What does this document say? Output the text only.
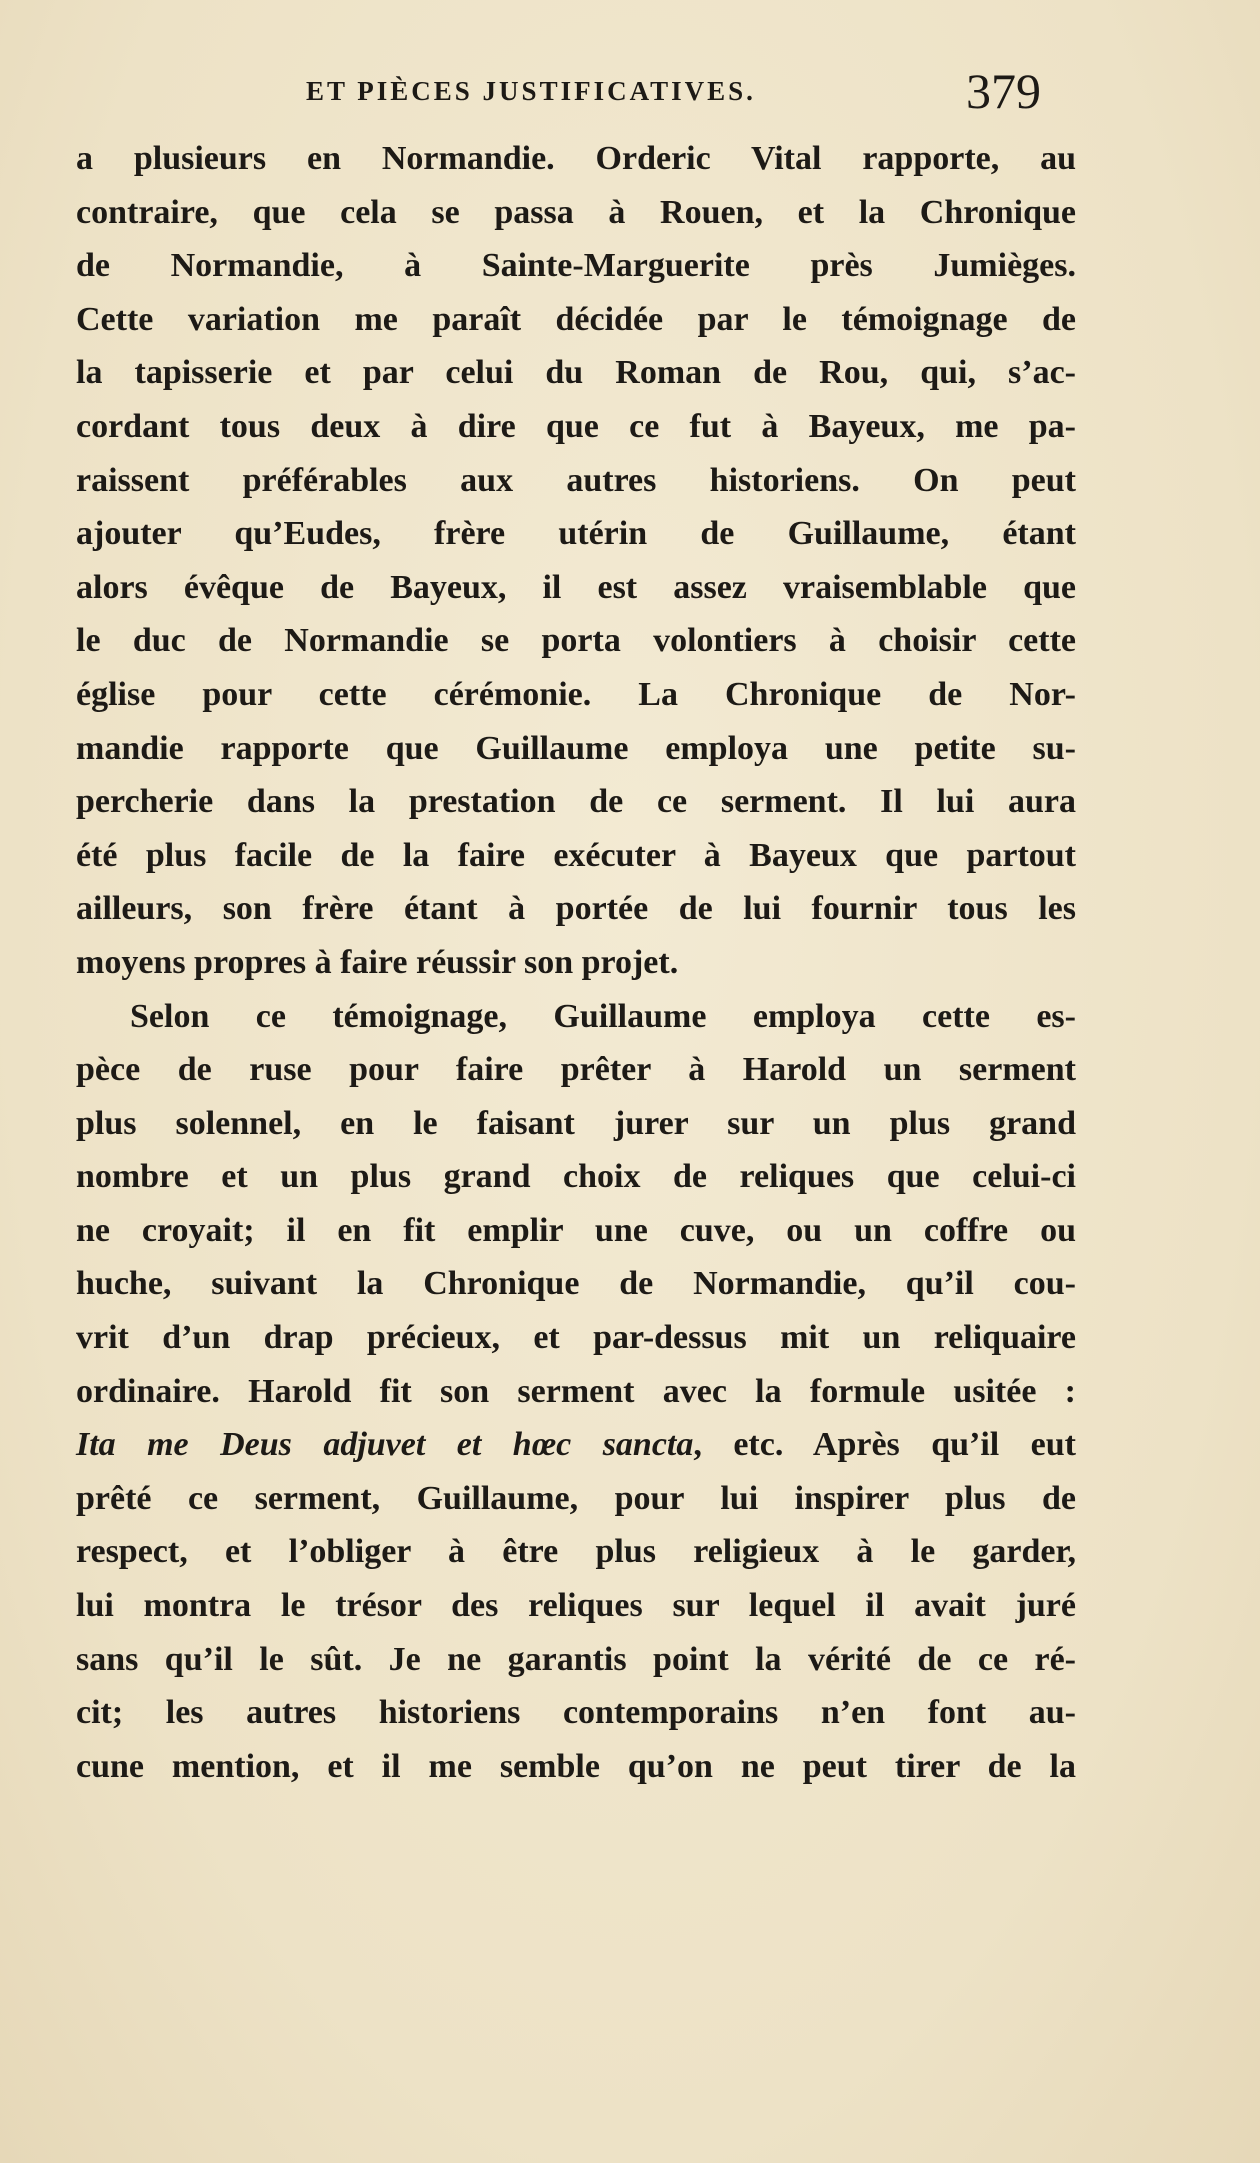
ET PIÈCES JUSTIFICATIVES.	379
a plusieurs en Normandie. Orderic Vital rapporte, au
contraire, que cela se passa à Rouen, et la Chronique
de Normandie, à Sainte-Marguerite près Jumièges.
Cette variation me paraît décidée par le témoignage de
la tapisserie et par celui du Roman de Rou, qui, s’ac-
cordant tous deux à dire que ce fut à Bayeux, me pa-
raissent préférables aux autres historiens. On peut
ajouter qu’Eudes, frère utérin de Guillaume, étant
alors évêque de Bayeux, il est assez vraisemblable que
le duc de Normandie se porta volontiers à choisir cette
église pour cette cérémonie. La Chronique de Nor-
mandie rapporte que Guillaume employa une petite su-
percherie dans la prestation de ce serment. Il lui aura
été plus facile de la faire exécuter à Bayeux que partout
ailleurs, son frère étant à portée de lui fournir tous les
moyens propres à faire réussir son projet.
Selon ce témoignage, Guillaume employa cette es-
pèce de ruse pour faire prêter à Harold un serment
plus solennel, en le faisant jurer sur un plus grand
nombre et un plus grand choix de reliques que celui-ci
ne croyait; il en fit emplir une cuve, ou un coffre ou
huche, suivant la Chronique de Normandie, qu’il cou-
vrit d’un drap précieux, et par-dessus mit un reliquaire
ordinaire. Harold fit son serment avec la formule usitée :
Ita me Deus adjuvet et hœc sancta, etc. Après qu’il eut
prêté ce serment, Guillaume, pour lui inspirer plus de
respect, et l’obliger à être plus religieux à le garder,
lui montra le trésor des reliques sur lequel il avait juré
sans qu’il le sût. Je ne garantis point la vérité de ce ré-
cit; les autres historiens contemporains n’en font au-
cune mention, et il me semble qu’on ne peut tirer de la
